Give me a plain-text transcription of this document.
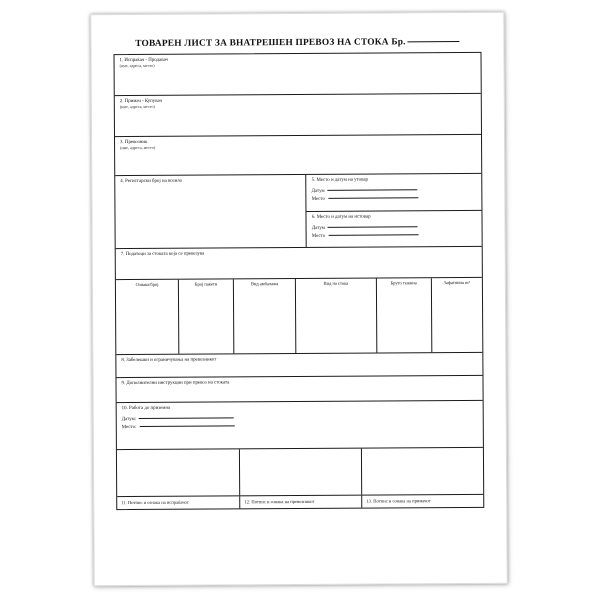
ТОВАРЕН ЛИСТ ЗА ВНАТРЕШЕН ПРЕВОЗ НА СТОКА Бр.
1. Испраќач - Продавач
(име, адреса, место)
2. Примач - Купувач
(име, адреса, место)
3. Превозник
(име, адреса, место)
4. Регистарски број на возило	5. Место и датум на утовар
Датум
Место
6. Место и датум на истовар
Датум
Место
7. Податоци за стоката која се превезува
Ознака/број	Број пакети	Вид амбалажа	Вид на стока	Бруто тежина	Зафатнина m³
8. Забелешки и ограничувања на превозникот
9. Дополнителни инструкции при превоз на стоката
10. Работа до приземна
Датум:
Место:
11. Потпис и ознака на испраќачот	12. Потпис и ознака на превозникот	13. Потпис и ознака на примачот
